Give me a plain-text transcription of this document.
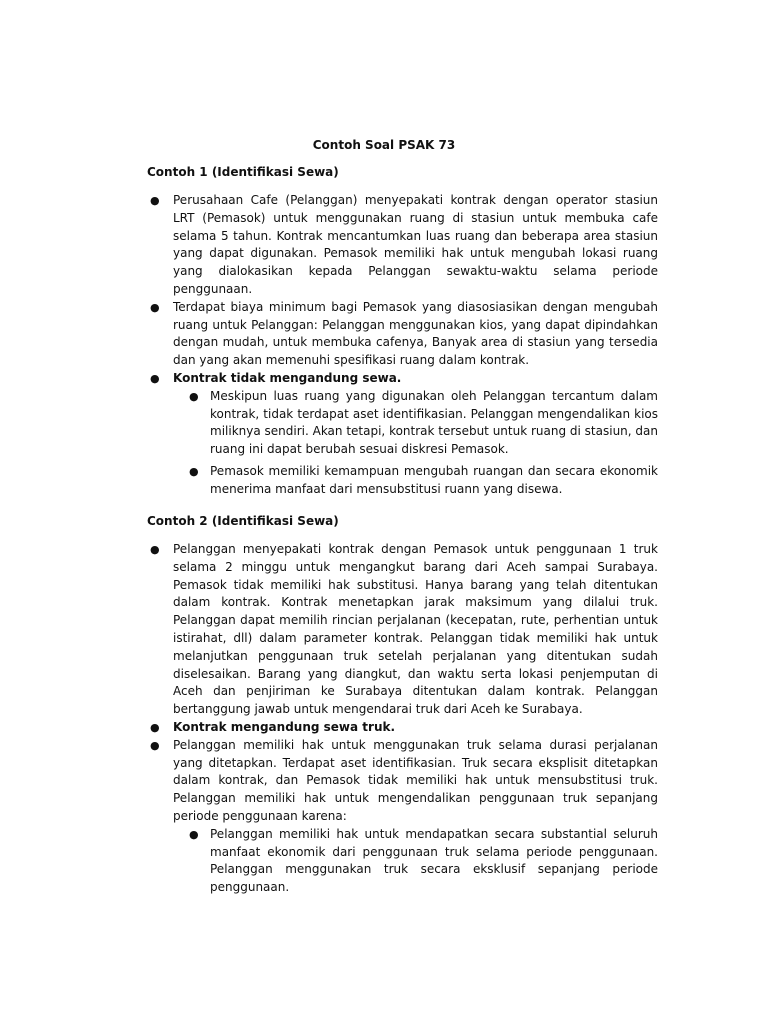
Contoh Soal PSAK 73
Contoh 1 (Identifikasi Sewa)
● Perusahaan Cafe (Pelanggan) menyepakati kontrak dengan operator stasiun LRT (Pemasok) untuk menggunakan ruang di stasiun untuk membuka cafe selama 5 tahun. Kontrak mencantumkan luas ruang dan beberapa area stasiun yang dapat digunakan. Pemasok memiliki hak untuk mengubah lokasi ruang yang dialokasikan kepada Pelanggan sewaktu-waktu selama periode penggunaan.
● Terdapat biaya minimum bagi Pemasok yang diasosiasikan dengan mengubah ruang untuk Pelanggan: Pelanggan menggunakan kios, yang dapat dipindahkan dengan mudah, untuk membuka cafenya, Banyak area di stasiun yang tersedia dan yang akan memenuhi spesifikasi ruang dalam kontrak.
● Kontrak tidak mengandung sewa.
● Meskipun luas ruang yang digunakan oleh Pelanggan tercantum dalam kontrak, tidak terdapat aset identifikasian. Pelanggan mengendalikan kios miliknya sendiri. Akan tetapi, kontrak tersebut untuk ruang di stasiun, dan ruang ini dapat berubah sesuai diskresi Pemasok.
● Pemasok memiliki kemampuan mengubah ruangan dan secara ekonomik menerima manfaat dari mensubstitusi ruann yang disewa.
Contoh 2 (Identifikasi Sewa)
● Pelanggan menyepakati kontrak dengan Pemasok untuk penggunaan 1 truk selama 2 minggu untuk mengangkut barang dari Aceh sampai Surabaya. Pemasok tidak memiliki hak substitusi. Hanya barang yang telah ditentukan dalam kontrak. Kontrak menetapkan jarak maksimum yang dilalui truk. Pelanggan dapat memilih rincian perjalanan (kecepatan, rute, perhentian untuk istirahat, dll) dalam parameter kontrak. Pelanggan tidak memiliki hak untuk melanjutkan penggunaan truk setelah perjalanan yang ditentukan sudah diselesaikan. Barang yang diangkut, dan waktu serta lokasi penjemputan di Aceh dan penjiriman ke Surabaya ditentukan dalam kontrak. Pelanggan bertanggung jawab untuk mengendarai truk dari Aceh ke Surabaya.
● Kontrak mengandung sewa truk.
● Pelanggan memiliki hak untuk menggunakan truk selama durasi perjalanan yang ditetapkan. Terdapat aset identifikasian. Truk secara eksplisit ditetapkan dalam kontrak, dan Pemasok tidak memiliki hak untuk mensubstitusi truk. Pelanggan memiliki hak untuk mengendalikan penggunaan truk sepanjang periode penggunaan karena:
● Pelanggan memiliki hak untuk mendapatkan secara substantial seluruh manfaat ekonomik dari penggunaan truk selama periode penggunaan. Pelanggan menggunakan truk secara eksklusif sepanjang periode penggunaan.
